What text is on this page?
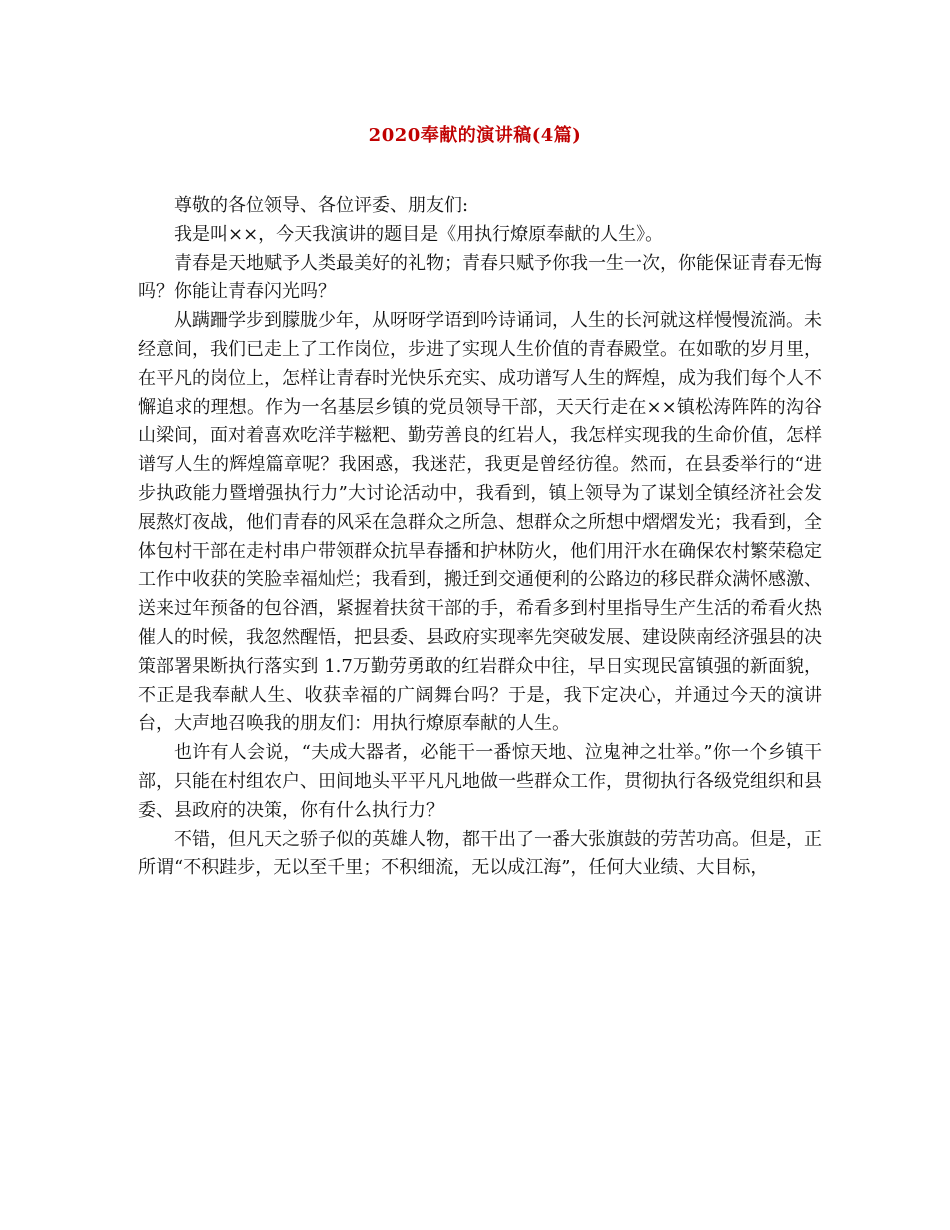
2020奉献的演讲稿(4篇)

尊敬的各位领导、各位评委、朋友们:

我是叫××，今天我演讲的题目是《用执行燎原奉献的人生》。

青春是天地赋予人类最美好的礼物；青春只赋予你我一生一次，你能保证青春无悔吗？你能让青春闪光吗？

从蹒跚学步到朦胧少年，从呀呀学语到吟诗诵词，人生的长河就这样慢慢流淌。未经意间，我们已走上了工作岗位，步进了实现人生价值的青春殿堂。在如歌的岁月里，在平凡的岗位上，怎样让青春时光快乐充实、成功谱写人生的辉煌，成为我们每个人不懈追求的理想。作为一名基层乡镇的党员领导干部，天天行走在××镇松涛阵阵的沟谷山梁间，面对着喜欢吃洋芋糍粑、勤劳善良的红岩人，我怎样实现我的生命价值，怎样谱写人生的辉煌篇章呢？我困惑，我迷茫，我更是曾经彷徨。然而，在县委举行的“进步执政能力暨增强执行力”大讨论活动中，我看到，镇上领导为了谋划全镇经济社会发展熬灯夜战，他们青春的风采在急群众之所急、想群众之所想中熠熠发光；我看到，全体包村干部在走村串户带领群众抗旱春播和护林防火，他们用汗水在确保农村繁荣稳定工作中收获的笑脸幸福灿烂；我看到，搬迁到交通便利的公路边的移民群众满怀感激、送来过年预备的包谷酒，紧握着扶贫干部的手，希看多到村里指导生产生活的希看火热催人的时候，我忽然醒悟，把县委、县政府实现率先突破发展、建设陕南经济强县的决策部署果断执行落实到 1.7万勤劳勇敢的红岩群众中往，早日实现民富镇强的新面貌，不正是我奉献人生、收获幸福的广阔舞台吗？于是，我下定决心，并通过今天的演讲台，大声地召唤我的朋友们：用执行燎原奉献的人生。

也许有人会说，“夫成大器者，必能干一番惊天地、泣鬼神之壮举。”你一个乡镇干部，只能在村组农户、田间地头平平凡凡地做一些群众工作，贯彻执行各级党组织和县委、县政府的决策，你有什么执行力？

不错，但凡天之骄子似的英雄人物，都干出了一番大张旗鼓的劳苦功高。但是，正所谓“不积跬步，无以至千里；不积细流，无以成江海”，任何大业绩、大目标，
